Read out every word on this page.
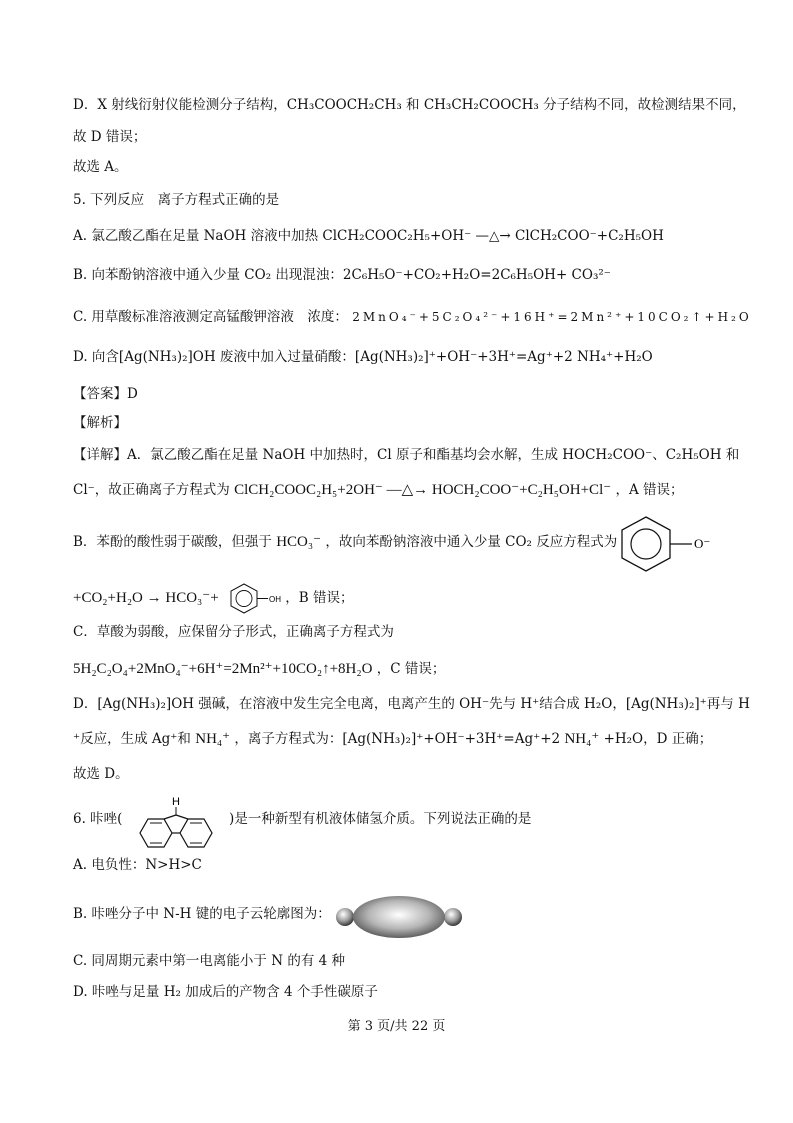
D．X 射线衍射仪能检测分子结构，CH₃COOCH₂CH₃ 和 CH₃CH₂COOCH₃ 分子结构不同，故检测结果不同，
故 D 错误；
故选 A。
5. 下列反应　离子方程式正确的是
A. 氯乙酸乙酯在足量 NaOH 溶液中加热 ClCH₂COOC₂H₅+OH⁻ —△→ ClCH₂COO⁻+C₂H₅OH
B. 向苯酚钠溶液中通入少量 CO₂ 出现混浊：2C₆H₅O⁻+CO₂+H₂O=2C₆H₅OH+ CO₃²⁻
C. 用草酸标准溶液测定高锰酸钾溶液　浓度： 2MnO₄⁻+5C₂O₄²⁻+16H⁺=2Mn²⁺+10CO₂↑+H₂O
D. 向含[Ag(NH₃)₂]OH 废液中加入过量硝酸：[Ag(NH₃)₂]⁺+OH⁻+3H⁺=Ag⁺+2 NH₄⁺+H₂O
【答案】D
【解析】
【详解】A．氯乙酸乙酯在足量 NaOH 中加热时，Cl 原子和酯基均会水解，生成 HOCH₂COO⁻、C₂H₅OH 和
Cl⁻，故正确离子方程式为 ClCH₂COOC₂H₅+2OH⁻ —△→ HOCH₂COO⁻+C₂H₅OH+Cl⁻ ，A 错误；
B．苯酚的酸性弱于碳酸，但强于 HCO₃⁻ ，故向苯酚钠溶液中通入少量 CO₂ 反应方程式为	O⁻
+CO₂+H₂O → HCO₃⁻+	，B 错误；
OH
C．草酸为弱酸，应保留分子形式，正确离子方程式为
5H₂C₂O₄+2MnO₄⁻+6H⁺=2Mn²⁺+10CO₂↑+8H₂O ，C 错误；
D．[Ag(NH₃)₂]OH 强碱，在溶液中发生完全电离，电离产生的 OH⁻先与 H⁺结合成 H₂O，[Ag(NH₃)₂]⁺再与 H
⁺反应，生成 Ag⁺和 NH₄⁺ ，离子方程式为：[Ag(NH₃)₂]⁺+OH⁻+3H⁺=Ag⁺+2 NH₄⁺ +H₂O，D 正确；
故选 D。
6. 咔唑(	)是一种新型有机液体储氢介质。下列说法正确的是
H
A. 电负性：N>H>C
B. 咔唑分子中 N-H 键的电子云轮廓图为：
C. 同周期元素中第一电离能小于 N 的有 4 种
D. 咔唑与足量 H₂ 加成后的产物含 4 个手性碳原子
第 3 页/共 22 页
